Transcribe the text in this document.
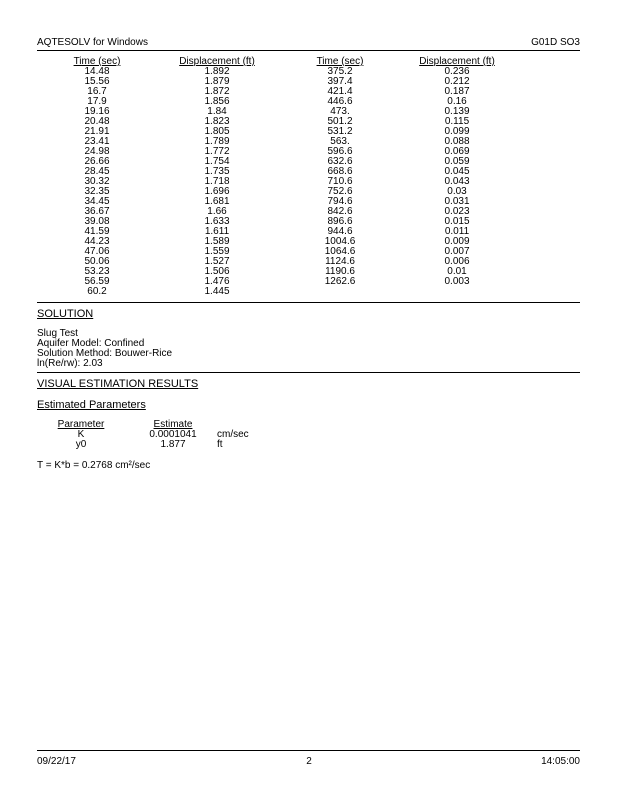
AQTESOLV for Windows	G01D SO3
Time (sec)	Displacement (ft)	Time (sec)	Displacement (ft)
14.48	1.892	375.2	0.236
15.56	1.879	397.4	0.212
16.7	1.872	421.4	0.187
17.9	1.856	446.6	0.16
19.16	1.84	473.	0.139
20.48	1.823	501.2	0.115
21.91	1.805	531.2	0.099
23.41	1.789	563.	0.088
24.98	1.772	596.6	0.069
26.66	1.754	632.6	0.059
28.45	1.735	668.6	0.045
30.32	1.718	710.6	0.043
32.35	1.696	752.6	0.03
34.45	1.681	794.6	0.031
36.67	1.66	842.6	0.023
39.08	1.633	896.6	0.015
41.59	1.611	944.6	0.011
44.23	1.589	1004.6	0.009
47.06	1.559	1064.6	0.007
50.06	1.527	1124.6	0.006
53.23	1.506	1190.6	0.01
56.59	1.476	1262.6	0.003
60.2	1.445
SOLUTION
Slug Test
Aquifer Model: Confined
Solution Method: Bouwer-Rice
ln(Re/rw): 2.03
VISUAL ESTIMATION RESULTS
Estimated Parameters
Parameter	Estimate
K	0.0001041	cm/sec
y0	1.877	ft
T = K*b = 0.2768 cm²/sec
09/22/17	2	14:05:00
